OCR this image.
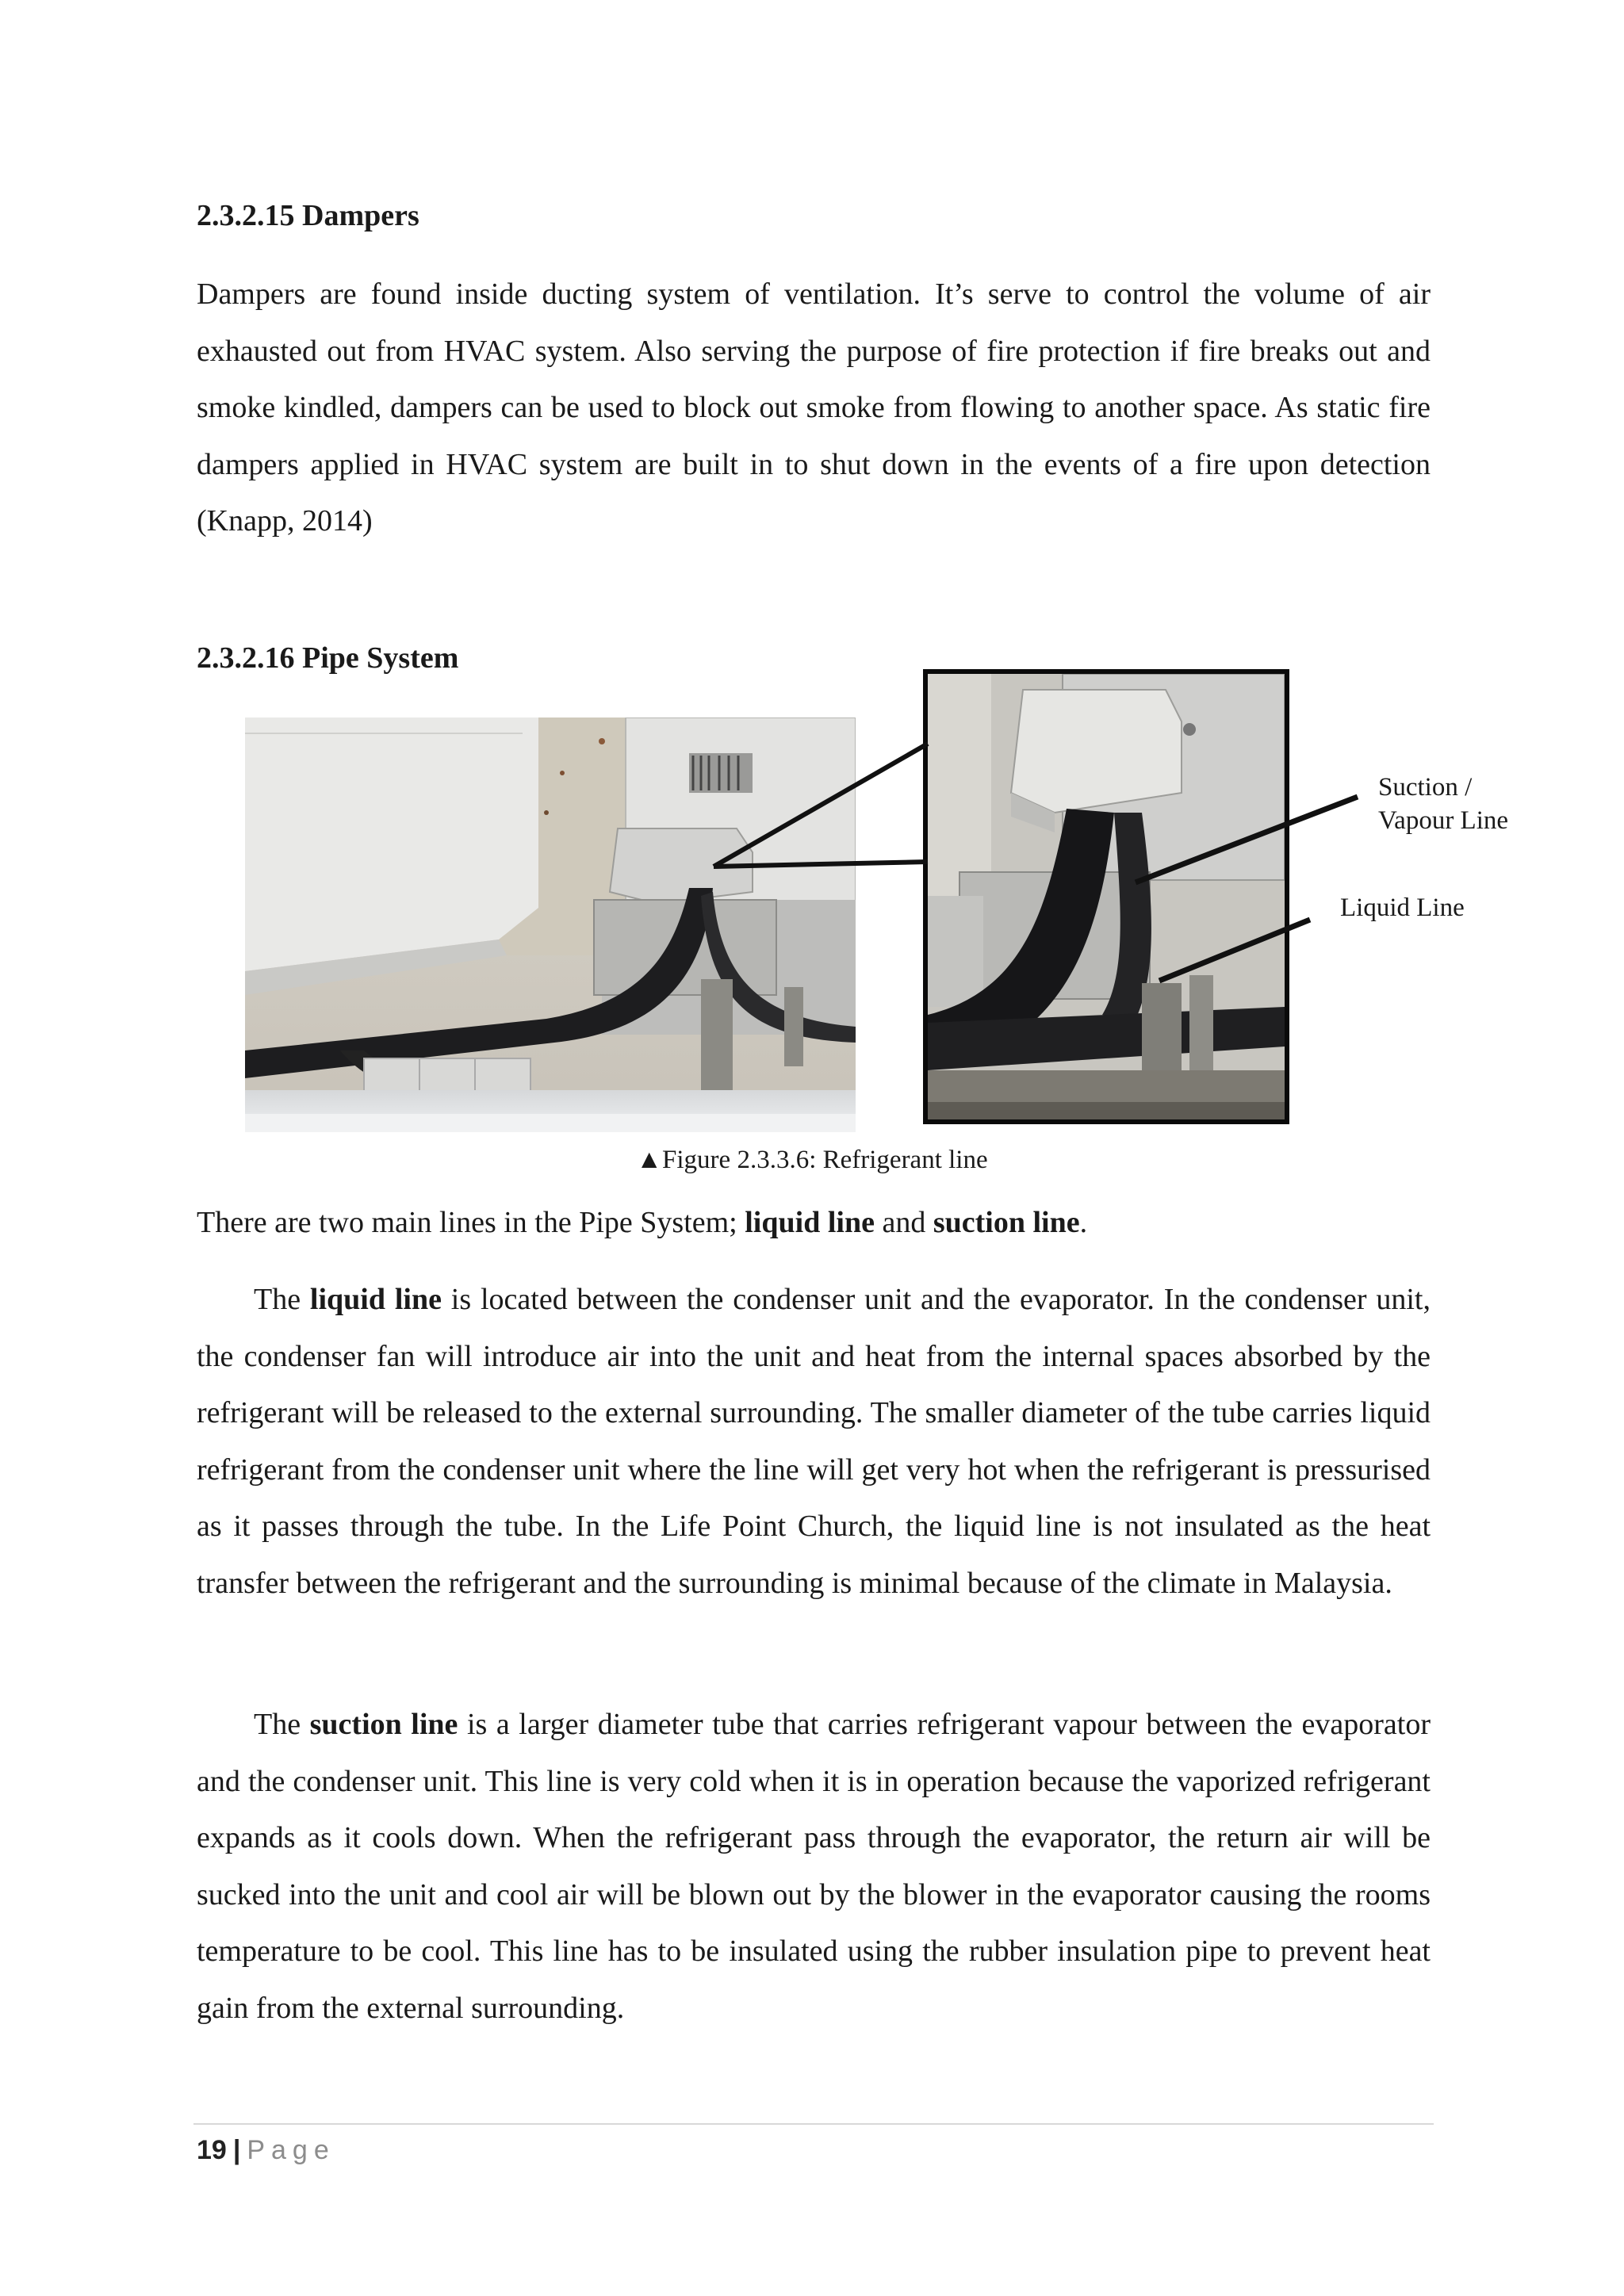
2.3.2.15 Dampers

Dampers are found inside ducting system of ventilation. It’s serve to control the volume of air exhausted out from HVAC system. Also serving the purpose of fire protection if fire breaks out and smoke kindled, dampers can be used to block out smoke from flowing to another space. As static fire dampers applied in HVAC system are built in to shut down in the events of a fire upon detection (Knapp, 2014)

2.3.2.16 Pipe System
Suction / Vapour Line
Liquid Line
▲Figure 2.3.3.6: Refrigerant line

There are two main lines in the Pipe System; liquid line and suction line.

The liquid line is located between the condenser unit and the evaporator. In the condenser unit, the condenser fan will introduce air into the unit and heat from the internal spaces absorbed by the refrigerant will be released to the external surrounding. The smaller diameter of the tube carries liquid refrigerant from the condenser unit where the line will get very hot when the refrigerant is pressurised as it passes through the tube. In the Life Point Church, the liquid line is not insulated as the heat transfer between the refrigerant and the surrounding is minimal because of the climate in Malaysia.

The suction line is a larger diameter tube that carries refrigerant vapour between the evaporator and the condenser unit. This line is very cold when it is in operation because the vaporized refrigerant expands as it cools down. When the refrigerant pass through the evaporator, the return air will be sucked into the unit and cool air will be blown out by the blower in the evaporator causing the rooms temperature to be cool. This line has to be insulated using the rubber insulation pipe to prevent heat gain from the external surrounding.

19 | Page
